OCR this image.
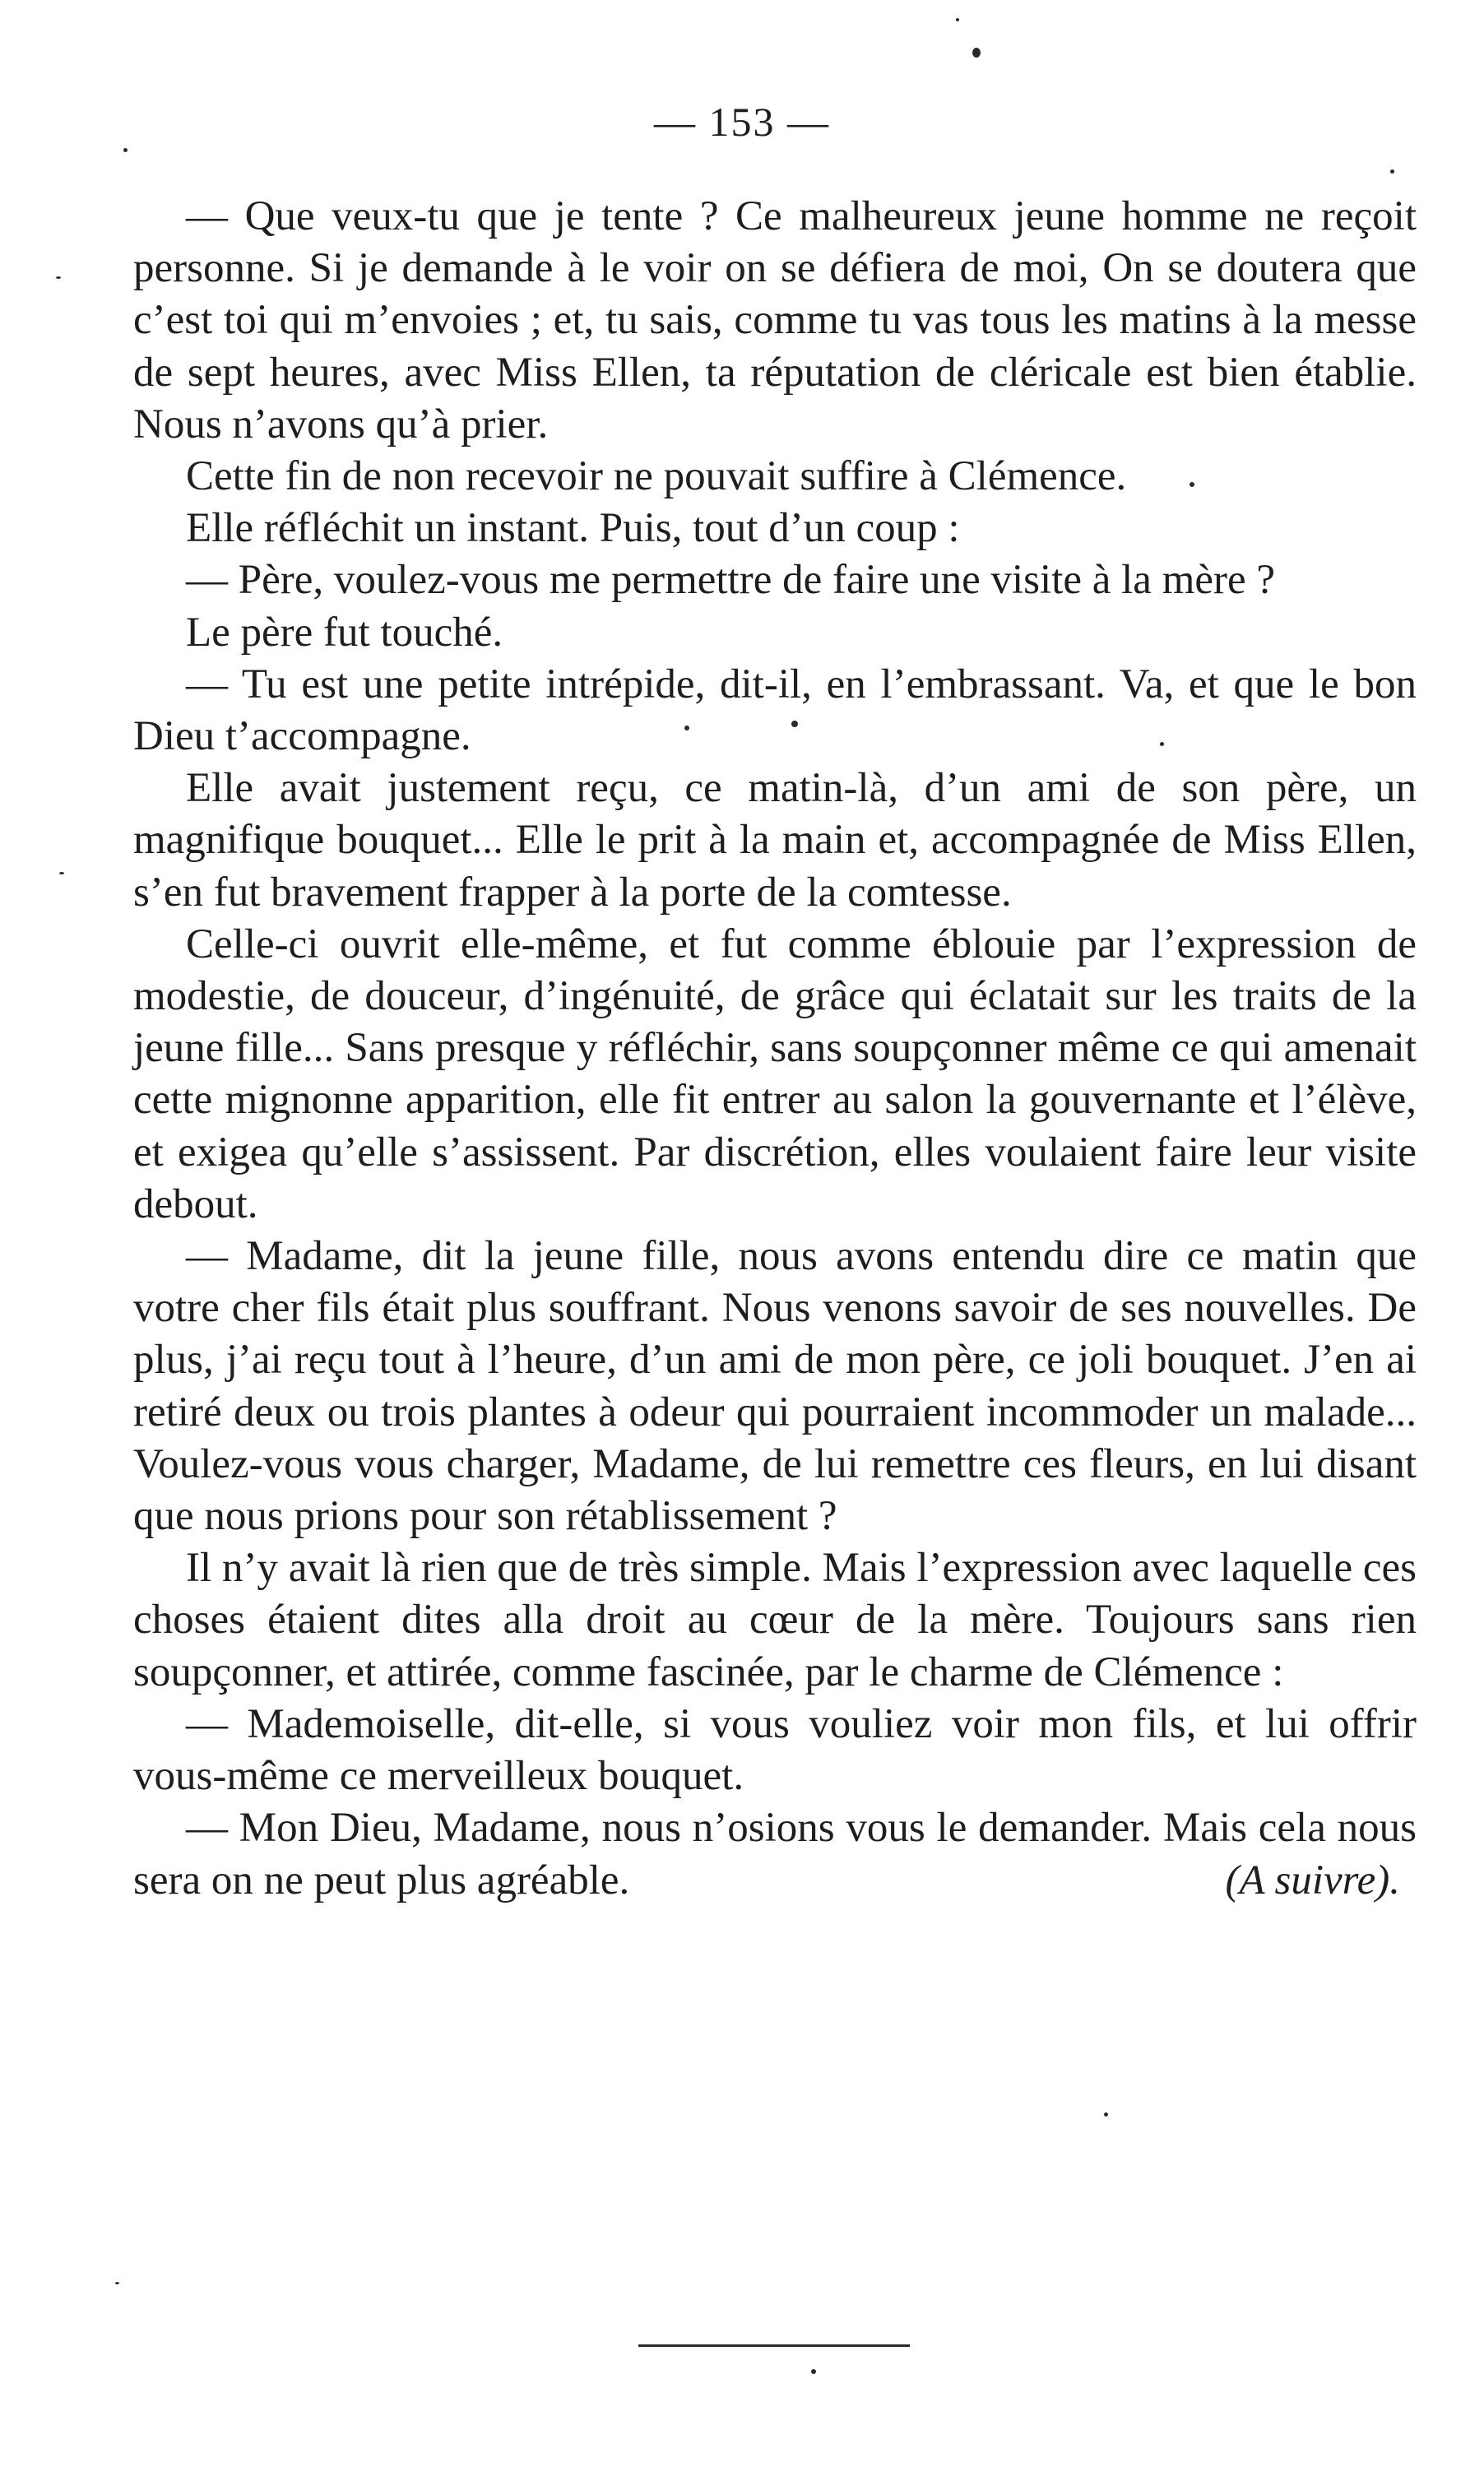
— 153 —

— Que veux-tu que je tente ? Ce malheureux jeune homme ne reçoit personne. Si je demande à le voir on se défiera de moi, On se doutera que c’est toi qui m’envoies ; et, tu sais, comme tu vas tous les matins à la messe de sept heures, avec Miss Ellen, ta réputation de cléricale est bien établie. Nous n’avons qu’à prier.

Cette fin de non recevoir ne pouvait suffire à Clémence.

Elle réfléchit un instant. Puis, tout d’un coup :

— Père, voulez-vous me permettre de faire une visite à la mère ?

Le père fut touché.

— Tu est une petite intrépide, dit-il, en l’embrassant. Va, et que le bon Dieu t’accompagne.

Elle avait justement reçu, ce matin-là, d’un ami de son père, un magnifique bouquet... Elle le prit à la main et, accompagnée de Miss Ellen, s’en fut bravement frapper à la porte de la comtesse.

Celle-ci ouvrit elle-même, et fut comme éblouie par l’expression de modestie, de douceur, d’ingénuité, de grâce qui éclatait sur les traits de la jeune fille... Sans presque y réfléchir, sans soupçonner même ce qui amenait cette mignonne apparition, elle fit entrer au salon la gouvernante et l’élève, et exigea qu’elle s’assissent. Par discrétion, elles voulaient faire leur visite debout.

— Madame, dit la jeune fille, nous avons entendu dire ce matin que votre cher fils était plus souffrant. Nous venons savoir de ses nouvelles. De plus, j’ai reçu tout à l’heure, d’un ami de mon père, ce joli bouquet. J’en ai retiré deux ou trois plantes à odeur qui pourraient incommoder un malade... Voulez-vous vous charger, Madame, de lui remettre ces fleurs, en lui disant que nous prions pour son rétablissement ?

Il n’y avait là rien que de très simple. Mais l’expression avec laquelle ces choses étaient dites alla droit au cœur de la mère. Toujours sans rien soupçonner, et attirée, comme fascinée, par le charme de Clémence :

— Mademoiselle, dit-elle, si vous vouliez voir mon fils, et lui offrir vous-même ce merveilleux bouquet.

— Mon Dieu, Madame, nous n’osions vous le demander. Mais cela nous sera on ne peut plus agréable.	(A suivre).
